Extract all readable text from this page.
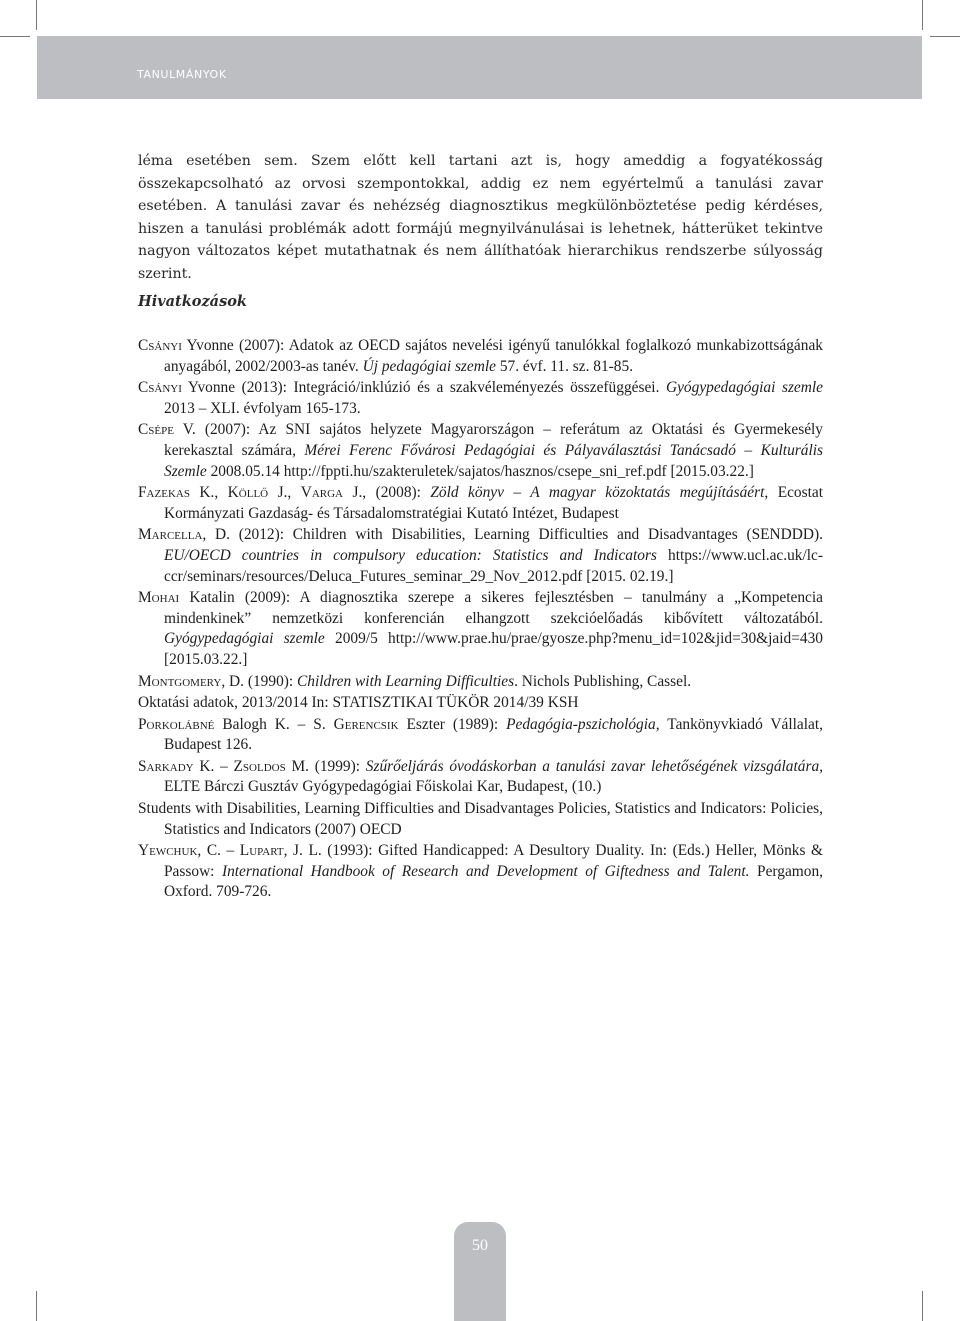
TANULMÁNYOK

léma esetében sem. Szem előtt kell tartani azt is, hogy ameddig a fogyatékosság összekapcsolható az orvosi szempontokkal, addig ez nem egyértelmű a tanulási zavar esetében. A tanulási zavar és nehézség diagnosztikus megkülönböztetése pedig kérdéses, hiszen a tanulási problémák adott formájú megnyilvánulásai is lehetnek, hátterüket tekintve nagyon változatos képet mutathatnak és nem állíthatóak hierarchikus rendszerbe súlyosság szerint.

Hivatkozások
Csányi Yvonne (2007): Adatok az OECD sajátos nevelési igényű tanulókkal foglalkozó munkabizottságának anyagából, 2002/2003-as tanév. Új pedagógiai szemle 57. évf. 11. sz. 81-85.
Csányi Yvonne (2013): Integráció/inklúzió és a szakvéleményezés összefüggései. Gyógypedagógiai szemle 2013 – XLI. évfolyam 165-173.
Csépe V. (2007): Az SNI sajátos helyzete Magyarországon – referátum az Oktatási és Gyermekesély kerekasztal számára, Mérei Ferenc Fővárosi Pedagógiai és Pályaválasztási Tanácsadó – Kulturális Szemle 2008.05.14 http://fppti.hu/szakteruletek/sajatos/hasznos/csepe_sni_ref.pdf [2015.03.22.]
Fazekas K., Köllő J., Varga J., (2008): Zöld könyv – A magyar közoktatás megújításáért, Ecostat Kormányzati Gazdaság- és Társadalomstratégiai Kutató Intézet, Budapest
Marcella, D. (2012): Children with Disabilities, Learning Difficulties and Disadvantages (SENDDD). EU/OECD countries in compulsory education: Statistics and Indicators https://www.ucl.ac.uk/lc-ccr/seminars/resources/Deluca_Futures_seminar_29_Nov_2012.pdf [2015. 02.19.]
Mohai Katalin (2009): A diagnosztika szerepe a sikeres fejlesztésben – tanulmány a „Kompetencia mindenkinek” nemzetközi konferencián elhangzott szekcióelőadás kibővített változatából. Gyógypedagógiai szemle 2009/5 http://www.prae.hu/prae/gyosze.php?menu_id=102&jid=30&jaid=430 [2015.03.22.]
Montgomery, D. (1990): Children with Learning Difficulties. Nichols Publishing, Cassel.
Oktatási adatok, 2013/2014 In: STATISZTIKAI TÜKÖR 2014/39 KSH
Porkolábné Balogh K. – S. Gerencsik Eszter (1989): Pedagógia-pszichológia, Tankönyvkiadó Vállalat, Budapest 126.
Sarkady K. – Zsoldos M. (1999): Szűrőeljárás óvodáskorban a tanulási zavar lehetőségének vizsgálatára, ELTE Bárczi Gusztáv Gyógypedagógiai Főiskolai Kar, Budapest, (10.)
Students with Disabilities, Learning Difficulties and Disadvantages Policies, Statistics and Indicators: Policies, Statistics and Indicators (2007) OECD
Yewchuk, C. – Lupart, J. L. (1993): Gifted Handicapped: A Desultory Duality. In: (Eds.) Heller, Mönks & Passow: International Handbook of Research and Development of Giftedness and Talent. Pergamon, Oxford. 709-726.
50
